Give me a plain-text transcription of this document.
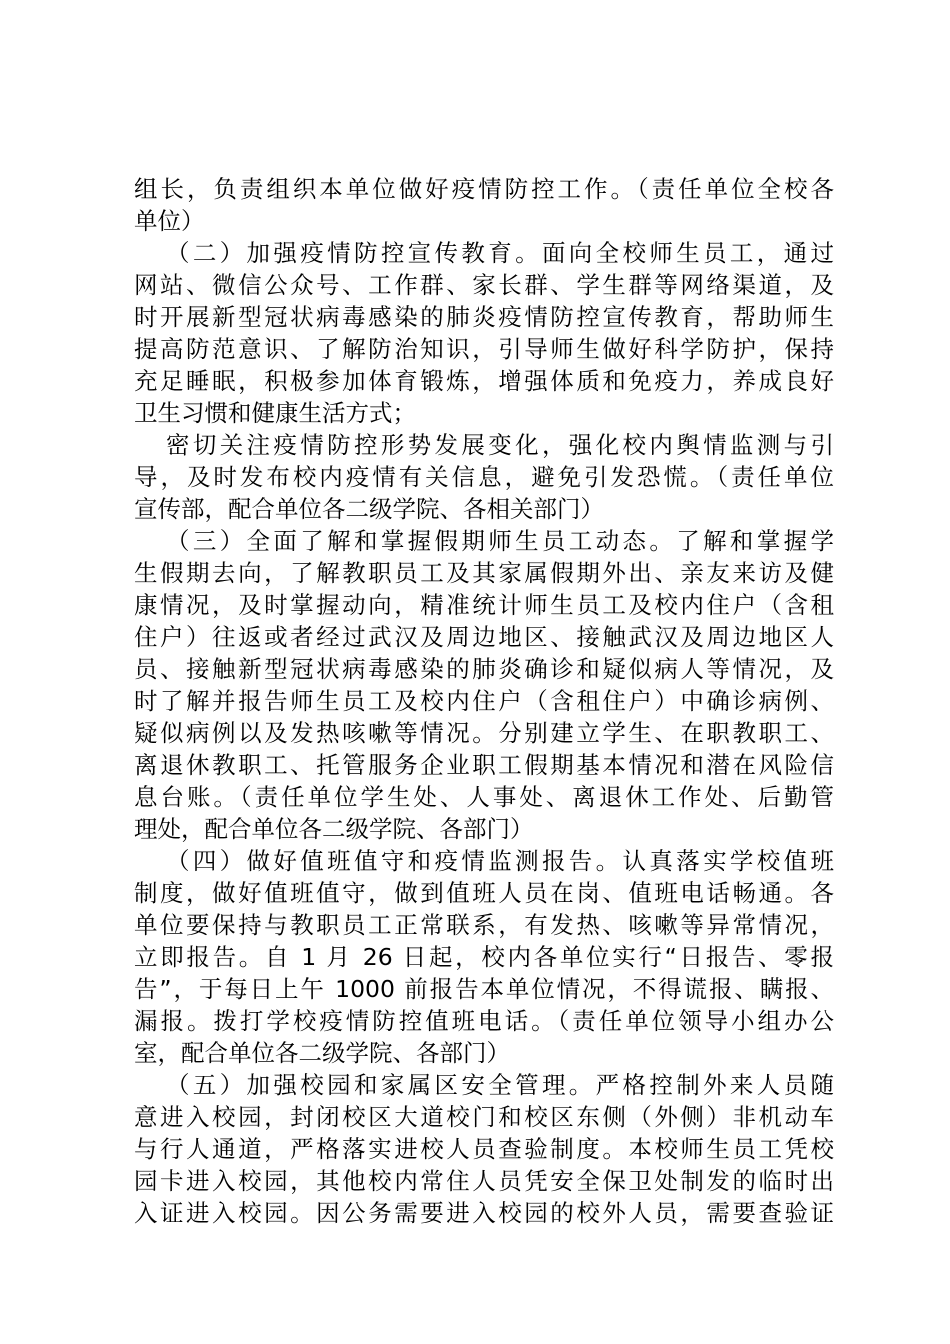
组长，负责组织本单位做好疫情防控工作。（责任单位全校各
单位）
（二）加强疫情防控宣传教育。面向全校师生员工，通过
网站、微信公众号、工作群、家长群、学生群等网络渠道，及
时开展新型冠状病毒感染的肺炎疫情防控宣传教育，帮助师生
提高防范意识、了解防治知识，引导师生做好科学防护，保持
充足睡眠，积极参加体育锻炼，增强体质和免疫力，养成良好
卫生习惯和健康生活方式；
密切关注疫情防控形势发展变化，强化校内舆情监测与引
导，及时发布校内疫情有关信息，避免引发恐慌。（责任单位
宣传部，配合单位各二级学院、各相关部门）
（三）全面了解和掌握假期师生员工动态。了解和掌握学
生假期去向，了解教职员工及其家属假期外出、亲友来访及健
康情况，及时掌握动向，精准统计师生员工及校内住户（含租
住户）往返或者经过武汉及周边地区、接触武汉及周边地区人
员、接触新型冠状病毒感染的肺炎确诊和疑似病人等情况，及
时了解并报告师生员工及校内住户（含租住户）中确诊病例、
疑似病例以及发热咳嗽等情况。分别建立学生、在职教职工、
离退休教职工、托管服务企业职工假期基本情况和潜在风险信
息台账。（责任单位学生处、人事处、离退休工作处、后勤管
理处，配合单位各二级学院、各部门）
（四）做好值班值守和疫情监测报告。认真落实学校值班
制度，做好值班值守，做到值班人员在岗、值班电话畅通。各
单位要保持与教职员工正常联系，有发热、咳嗽等异常情况，
立即报告。自 1 月 26 日起，校内各单位实行“日报告、零报
告”，于每日上午 1000 前报告本单位情况，不得谎报、瞒报、
漏报。拨打学校疫情防控值班电话。（责任单位领导小组办公
室，配合单位各二级学院、各部门）
（五）加强校园和家属区安全管理。严格控制外来人员随
意进入校园，封闭校区大道校门和校区东侧（外侧）非机动车
与行人通道，严格落实进校人员查验制度。本校师生员工凭校
园卡进入校园，其他校内常住人员凭安全保卫处制发的临时出
入证进入校园。因公务需要进入校园的校外人员，需要查验证
